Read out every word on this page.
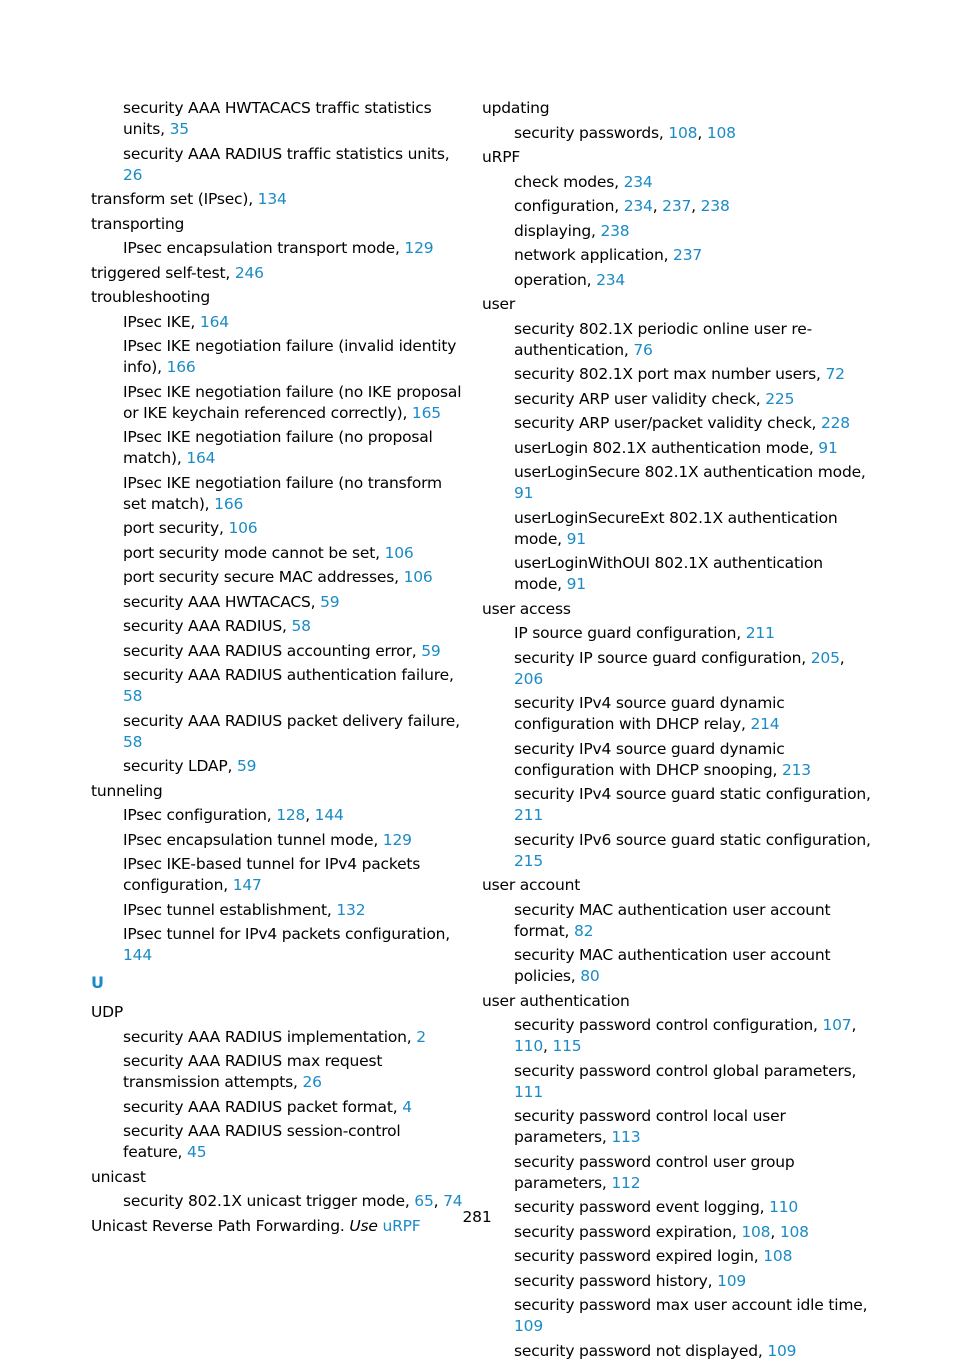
security AAA HWTACACS traffic statistics units, 35
security AAA RADIUS traffic statistics units, 26
transform set (IPsec), 134
transporting
IPsec encapsulation transport mode, 129
triggered self-test, 246
troubleshooting
IPsec IKE, 164
IPsec IKE negotiation failure (invalid identity info), 166
IPsec IKE negotiation failure (no IKE proposal or IKE keychain referenced correctly), 165
IPsec IKE negotiation failure (no proposal match), 164
IPsec IKE negotiation failure (no transform set match), 166
port security, 106
port security mode cannot be set, 106
port security secure MAC addresses, 106
security AAA HWTACACS, 59
security AAA RADIUS, 58
security AAA RADIUS accounting error, 59
security AAA RADIUS authentication failure, 58
security AAA RADIUS packet delivery failure, 58
security LDAP, 59
tunneling
IPsec configuration, 128, 144
IPsec encapsulation tunnel mode, 129
IPsec IKE-based tunnel for IPv4 packets configuration, 147
IPsec tunnel establishment, 132
IPsec tunnel for IPv4 packets configuration, 144
U
UDP
security AAA RADIUS implementation, 2
security AAA RADIUS max request transmission attempts, 26
security AAA RADIUS packet format, 4
security AAA RADIUS session-control feature, 45
unicast
security 802.1X unicast trigger mode, 65, 74
Unicast Reverse Path Forwarding. Use uRPF
updating
security passwords, 108, 108
uRPF
check modes, 234
configuration, 234, 237, 238
displaying, 238
network application, 237
operation, 234
user
security 802.1X periodic online user re-authentication, 76
security 802.1X port max number users, 72
security ARP user validity check, 225
security ARP user/packet validity check, 228
userLogin 802.1X authentication mode, 91
userLoginSecure 802.1X authentication mode, 91
userLoginSecureExt 802.1X authentication mode, 91
userLoginWithOUI 802.1X authentication mode, 91
user access
IP source guard configuration, 211
security IP source guard configuration, 205, 206
security IPv4 source guard dynamic configuration with DHCP relay, 214
security IPv4 source guard dynamic configuration with DHCP snooping, 213
security IPv4 source guard static configuration, 211
security IPv6 source guard static configuration, 215
user account
security MAC authentication user account format, 82
security MAC authentication user account policies, 80
user authentication
security password control configuration, 107, 110, 115
security password control global parameters, 111
security password control local user parameters, 113
security password control user group parameters, 112
security password event logging, 110
security password expiration, 108, 108
security password expired login, 108
security password history, 109
security password max user account idle time, 109
security password not displayed, 109
281
